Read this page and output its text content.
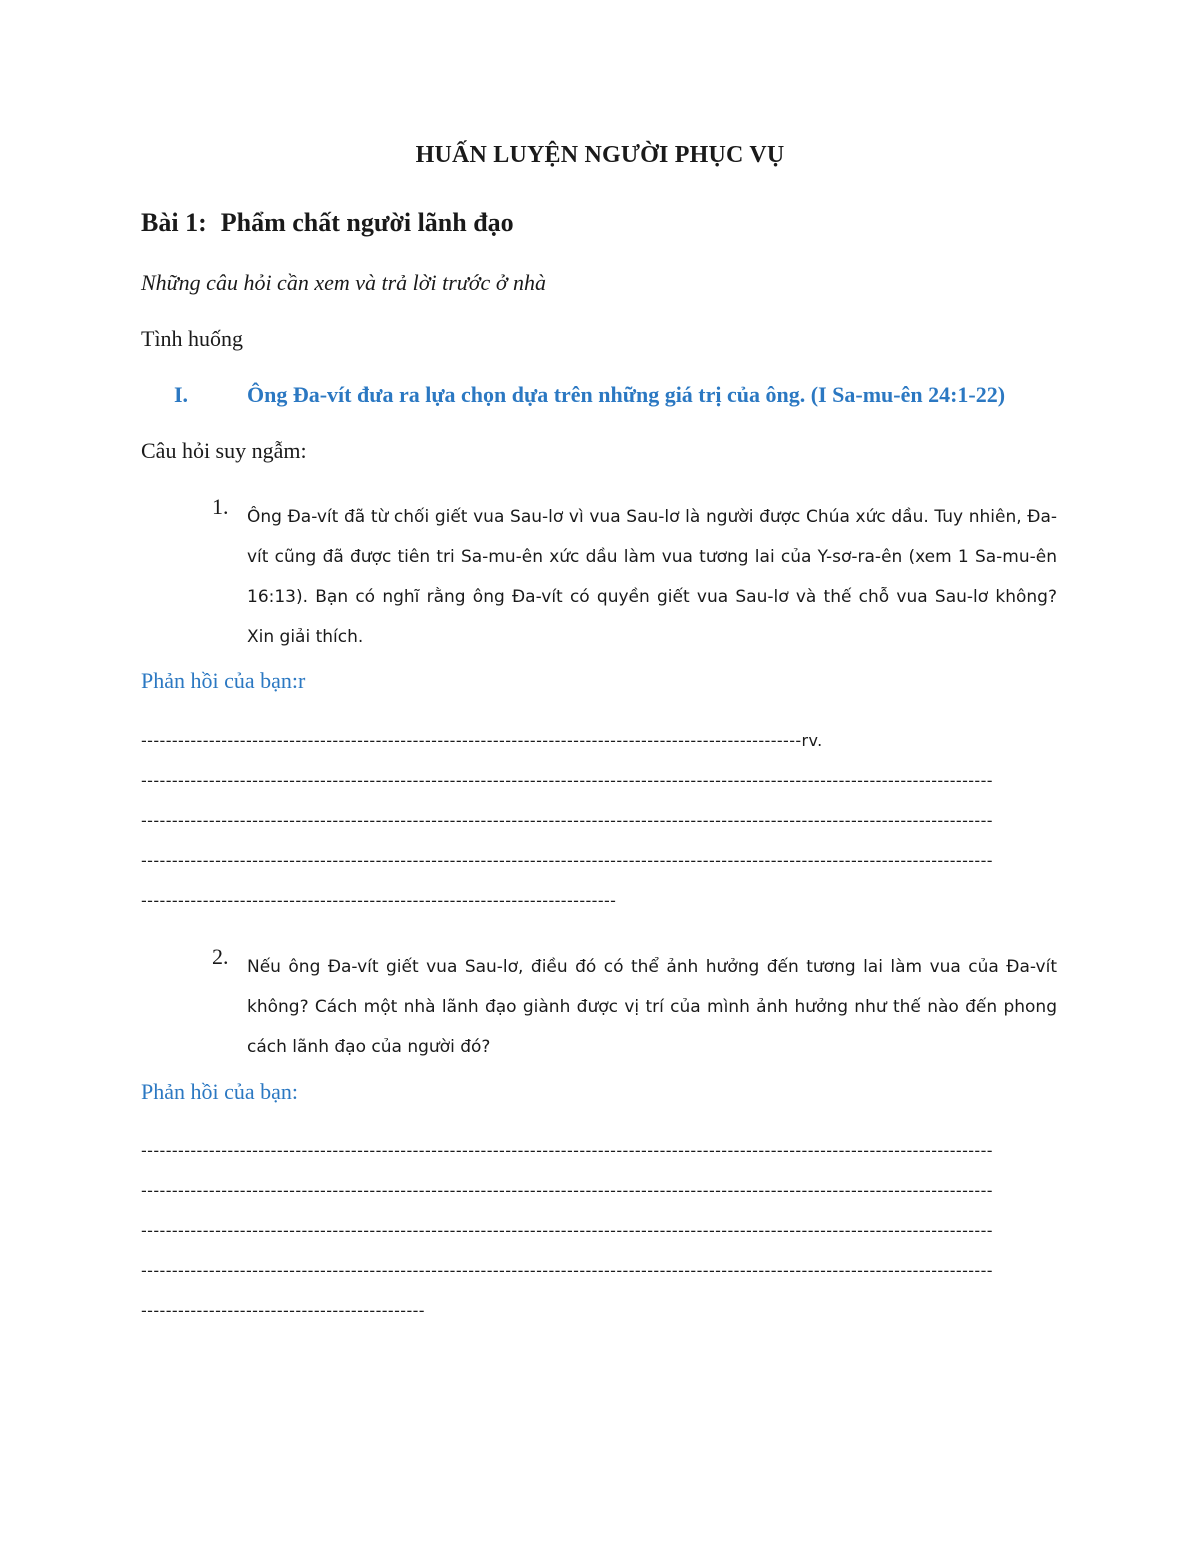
HUẤN LUYỆN NGƯỜI PHỤC VỤ
Bài 1: Phẩm chất người lãnh đạo
Những câu hỏi cần xem và trả lời trước ở nhà
Tình huống
I.	Ông Đa-vít đưa ra lựa chọn dựa trên những giá trị của ông. (I Sa-mu-ên 24:1-22)
Câu hỏi suy ngẫm:
1. Ông Đa-vít đã từ chối giết vua Sau-lơ vì vua Sau-lơ là người được Chúa xức dầu. Tuy nhiên, Đa-vít cũng đã được tiên tri Sa-mu-ên xức dầu làm vua tương lai của Y-sơ-ra-ên (xem 1 Sa-mu-ên 16:13). Bạn có nghĩ rằng ông Đa-vít có quyền giết vua Sau-lơ và thế chỗ vua Sau-lơ không? Xin giải thích.

Phản hồi của bạn:r
-----------------------------------------------------------------------------------------------------------rv.
------------------------------------------------------------------------------------------------------------------------------------------
------------------------------------------------------------------------------------------------------------------------------------------
------------------------------------------------------------------------------------------------------------------------------------------
-----------------------------------------------------------------------------
2. Nếu ông Đa-vít giết vua Sau-lơ, điều đó có thể ảnh hưởng đến tương lai làm vua của Đa-vít không? Cách một nhà lãnh đạo giành được vị trí của mình ảnh hưởng như thế nào đến phong cách lãnh đạo của người đó?

Phản hồi của bạn:
------------------------------------------------------------------------------------------------------------------------------------------
------------------------------------------------------------------------------------------------------------------------------------------
------------------------------------------------------------------------------------------------------------------------------------------
------------------------------------------------------------------------------------------------------------------------------------------
----------------------------------------------
